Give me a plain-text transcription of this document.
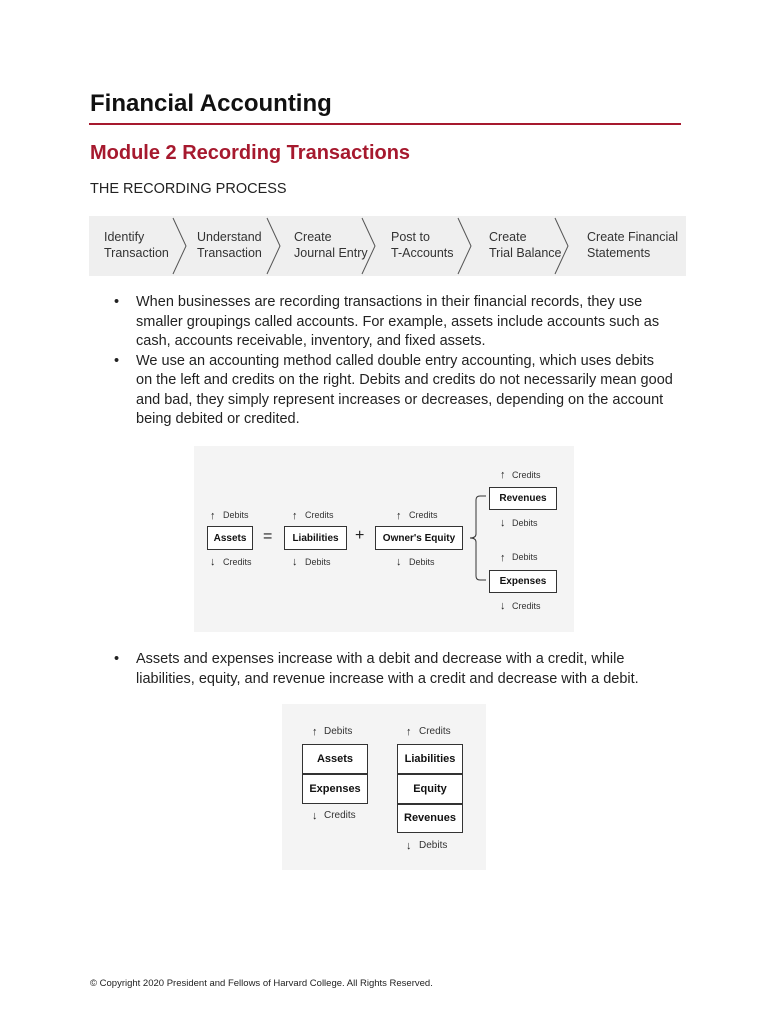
Financial Accounting
Module 2 Recording Transactions
THE RECORDING PROCESS
Identify
Transaction
Understand
Transaction
Create
Journal Entry
Post to
T-Accounts
Create
Trial Balance
Create Financial
Statements
• When businesses are recording transactions in their financial records, they use smaller groupings called accounts. For example, assets include accounts such as cash, accounts receivable, inventory, and fixed assets.
• We use an accounting method called double entry accounting, which uses debits on the left and credits on the right. Debits and credits do not necessarily mean good and bad, they simply represent increases or decreases, depending on the account being debited or credited.
↑ Debits
Assets
↓ Credits
=
↑ Credits
Liabilities
↓ Debits
+
↑ Credits
Owner's Equity
↓ Debits
↑ Credits
Revenues
↓ Debits
↑ Debits
Expenses
↓ Credits
• Assets and expenses increase with a debit and decrease with a credit, while liabilities, equity, and revenue increase with a credit and decrease with a debit.
↑ Debits
Assets
Expenses
↓ Credits
↑ Credits
Liabilities
Equity
Revenues
↓ Debits
© Copyright 2020 President and Fellows of Harvard College. All Rights Reserved.
